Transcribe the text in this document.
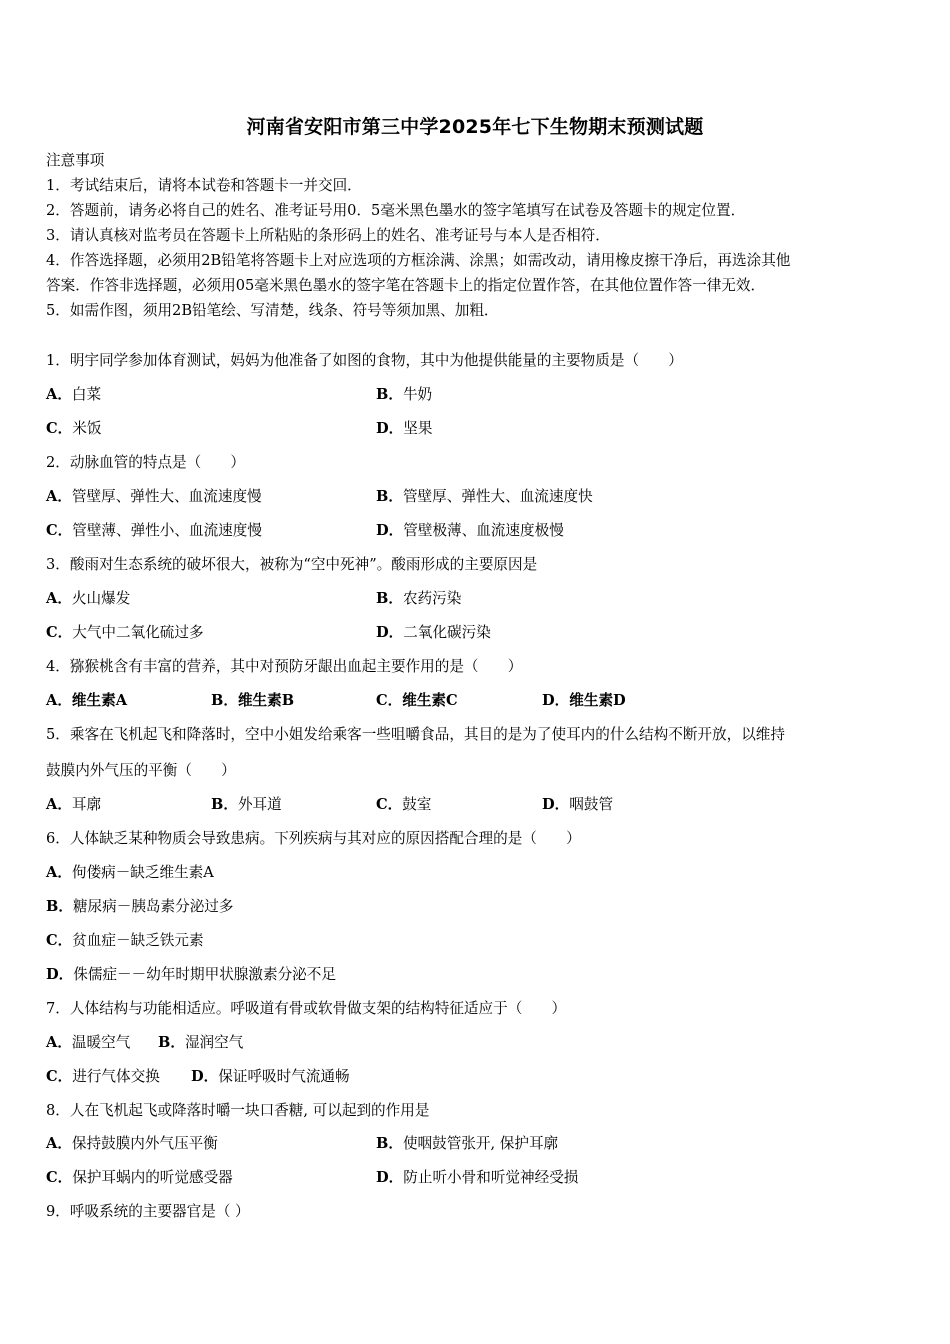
河南省安阳市第三中学2025年七下生物期末预测试题
注意事项
1．考试结束后，请将本试卷和答题卡一并交回．
2．答题前，请务必将自己的姓名、准考证号用0．5毫米黑色墨水的签字笔填写在试卷及答题卡的规定位置．
3．请认真核对监考员在答题卡上所粘贴的条形码上的姓名、准考证号与本人是否相符．
4．作答选择题，必须用2B铅笔将答题卡上对应选项的方框涂满、涂黑；如需改动，请用橡皮擦干净后，再选涂其他
答案．作答非选择题，必须用05毫米黑色墨水的签字笔在答题卡上的指定位置作答，在其他位置作答一律无效．
5．如需作图，须用2B铅笔绘、写清楚，线条、符号等须加黑、加粗．
1．明宇同学参加体育测试，妈妈为他准备了如图的食物，其中为他提供能量的主要物质是（　　）
A．白菜	B．牛奶
C．米饭	D．坚果
2．动脉血管的特点是（　　）
A．管壁厚、弹性大、血流速度慢	B．管壁厚、弹性大、血流速度快
C．管壁薄、弹性小、血流速度慢	D．管壁极薄、血流速度极慢
3．酸雨对生态系统的破坏很大，被称为“空中死神”。酸雨形成的主要原因是
A．火山爆发	B．农药污染
C．大气中二氧化硫过多	D．二氧化碳污染
4．猕猴桃含有丰富的营养，其中对预防牙龈出血起主要作用的是（　　）
A．维生素A	B．维生素B	C．维生素C	D．维生素D
5．乘客在飞机起飞和降落时，空中小姐发给乘客一些咀嚼食品，其目的是为了使耳内的什么结构不断开放，以维持
鼓膜内外气压的平衡（　　）
A．耳廓	B．外耳道	C．鼓室	D．咽鼓管
6．人体缺乏某种物质会导致患病。下列疾病与其对应的原因搭配合理的是（　　）
A．佝偻病－缺乏维生素A
B．糖尿病－胰岛素分泌过多
C．贫血症－缺乏铁元素
D．侏儒症－－幼年时期甲状腺激素分泌不足
7．人体结构与功能相适应。呼吸道有骨或软骨做支架的结构特征适应于（　　）
A．温暖空气 B．湿润空气
C．进行气体交换 D．保证呼吸时气流通畅
8．人在飞机起飞或降落时嚼一块口香糖, 可以起到的作用是
A．保持鼓膜内外气压平衡	B．使咽鼓管张开, 保护耳廓
C．保护耳蜗内的听觉感受器	D．防止听小骨和听觉神经受损
9．呼吸系统的主要器官是（ ）
